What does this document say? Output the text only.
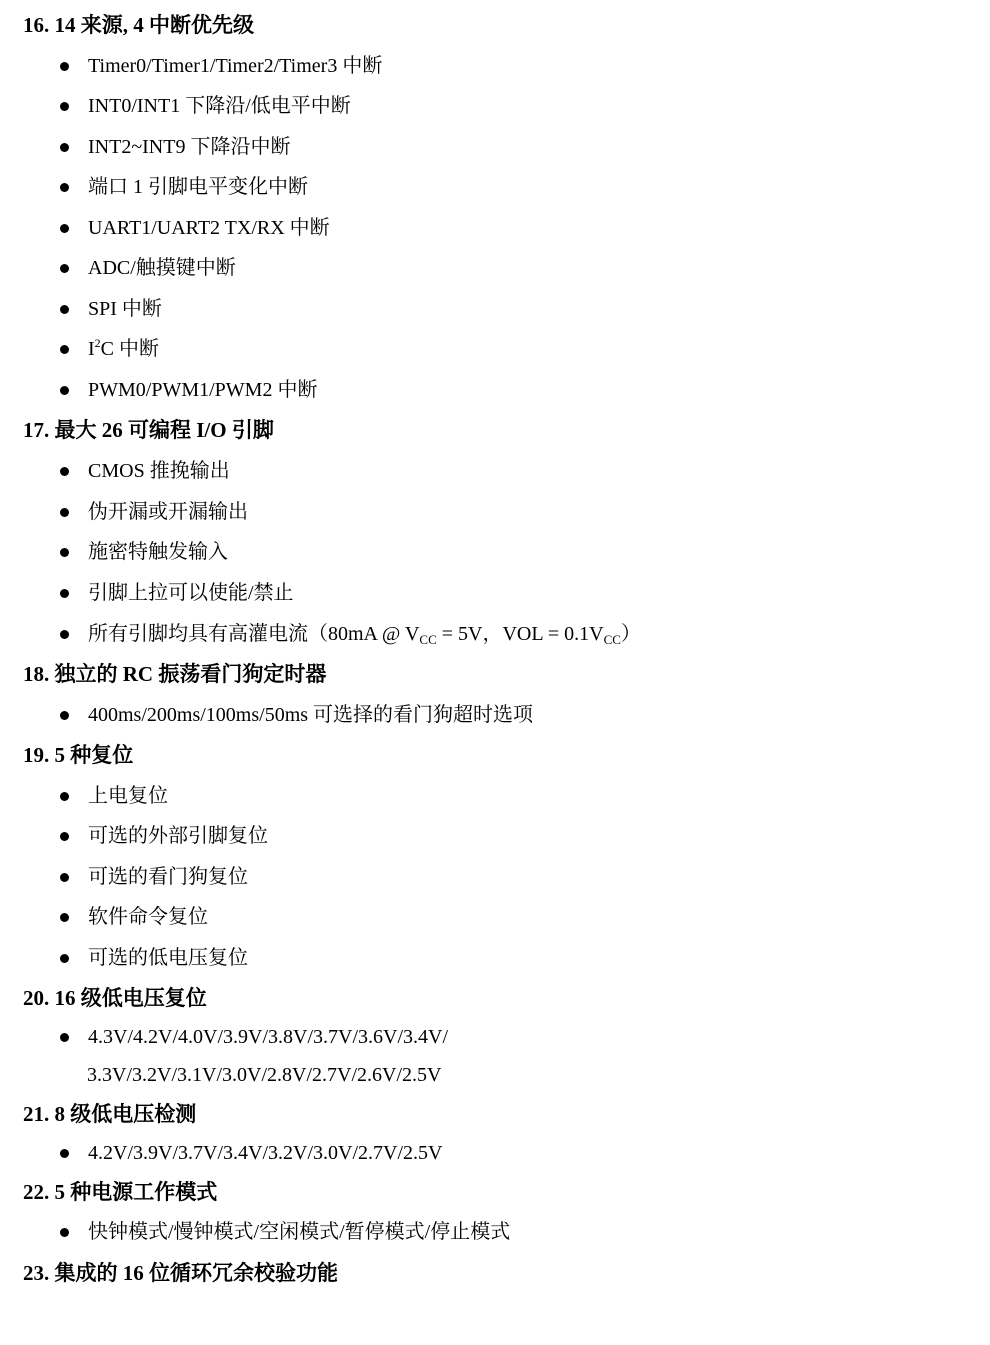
16. 14 来源, 4 中断优先级
Timer0/Timer1/Timer2/Timer3 中断
INT0/INT1 下降沿/低电平中断
INT2~INT9 下降沿中断
端口 1 引脚电平变化中断
UART1/UART2 TX/RX 中断
ADC/触摸键中断
SPI 中断
$I^2C$ 中断
PWM0/PWM1/PWM2 中断
17. 最大 26 可编程 I/O 引脚
CMOS 推挽输出
伪开漏或开漏输出
施密特触发输入
引脚上拉可以使能/禁止
所有引脚均具有高灌电流（80mA @ $V_{CC} = 5V$，VOL = $0.1V_{CC}$）
18. 独立的 RC 振荡看门狗定时器
400ms/200ms/100ms/50ms 可选择的看门狗超时选项
19. 5 种复位
上电复位
可选的外部引脚复位
可选的看门狗复位
软件命令复位
可选的低电压复位
20. 16 级低电压复位
4.3V/4.2V/4.0V/3.9V/3.8V/3.7V/3.6V/3.4V/
3.3V/3.2V/3.1V/3.0V/2.8V/2.7V/2.6V/2.5V
21. 8 级低电压检测
4.2V/3.9V/3.7V/3.4V/3.2V/3.0V/2.7V/2.5V
22. 5 种电源工作模式
快钟模式/慢钟模式/空闲模式/暂停模式/停止模式
23. 集成的 16 位循环冗余校验功能
